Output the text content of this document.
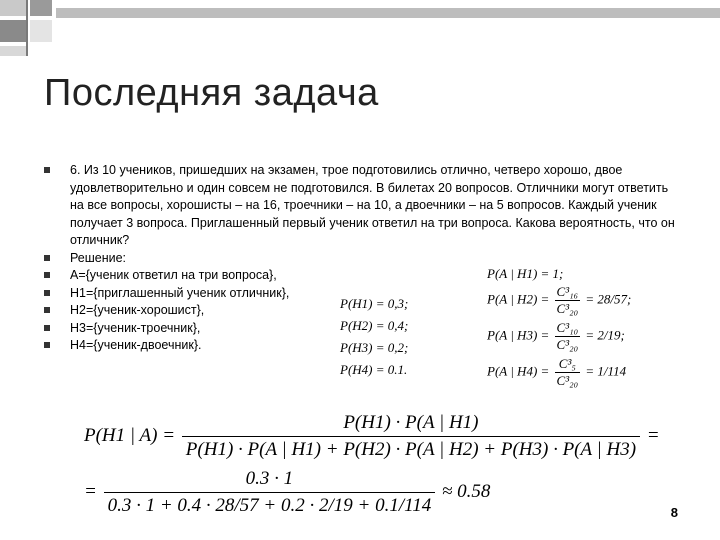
Последняя задача
6. Из 10 учеников, пришедших на экзамен, трое подготовились отлично, четверо хорошо, двое удовлетворительно и один совсем не подготовился. В билетах 20 вопросов. Отличники могут ответить на все вопросы, хорошисты – на 16, троечники – на 10, а двоечники – на 5 вопросов. Каждый ученик получает 3 вопроса. Приглашенный первый ученик ответил на три вопроса. Какова вероятность, что он отличник?
Решение:
A={ученик ответил на три вопроса},
H1={приглашенный ученик отличник},
H2={ученик-хорошист},
H3={ученик-троечник},
H4={ученик-двоечник}.
P(H1) = 0,3;
P(H2) = 0,4;
P(H3) = 0,2;
P(H4) = 0.1.
P(A | H1) = 1;
P(A | $H2) = \frac{\text{C³₁₆}}{\text{C³₂₀}} = 28/57$;
P(A | $H3) = \frac{\text{C³₁₀}}{\text{C³₂₀}} = 2/19$;
P(A | $H4) = \frac{\text{C³₅}}{\text{C³₂₀}} = 1/114$
P(H1 | $A) = \frac{P(H1) \cdot P(A | H1)}{P(H1) \cdot P(A | H1) + P(H2) \cdot P(A | H2) + P(H3) \cdot P(A | H3)}$ =
= $\frac{0.3 \cdot 1}{0.3 \cdot 1 + 0.4 \cdot 28/57 + 0.2 \cdot 2/19 + 0.1/114} \approx 0.58$
8
